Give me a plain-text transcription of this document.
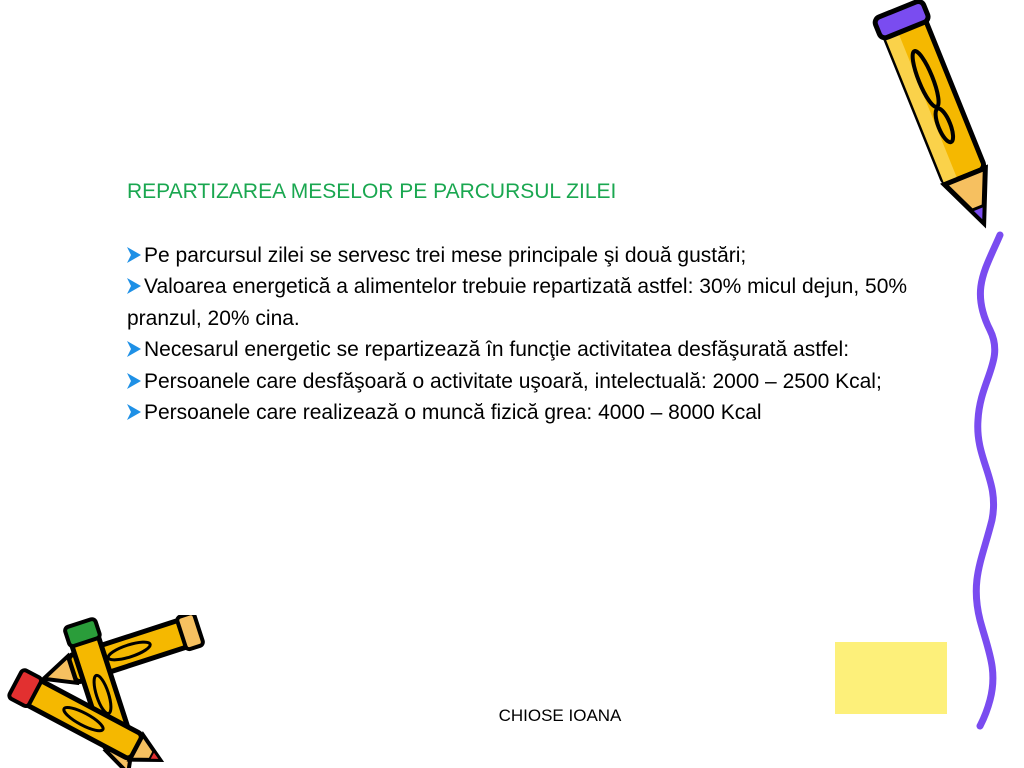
REPARTIZAREA MESELOR PE PARCURSUL ZILEI
Pe parcursul zilei se servesc trei mese principale şi două gustări;
Valoarea energetică a alimentelor trebuie repartizată astfel: 30% micul dejun, 50% pranzul, 20% cina.
Necesarul energetic se repartizează în funcţie activitatea desfăşurată astfel:
Persoanele care desfăşoară o activitate uşoară, intelectuală: 2000 – 2500 Kcal;
Persoanele care realizează o muncă fizică grea: 4000 – 8000 Kcal
CHIOSE IOANA
